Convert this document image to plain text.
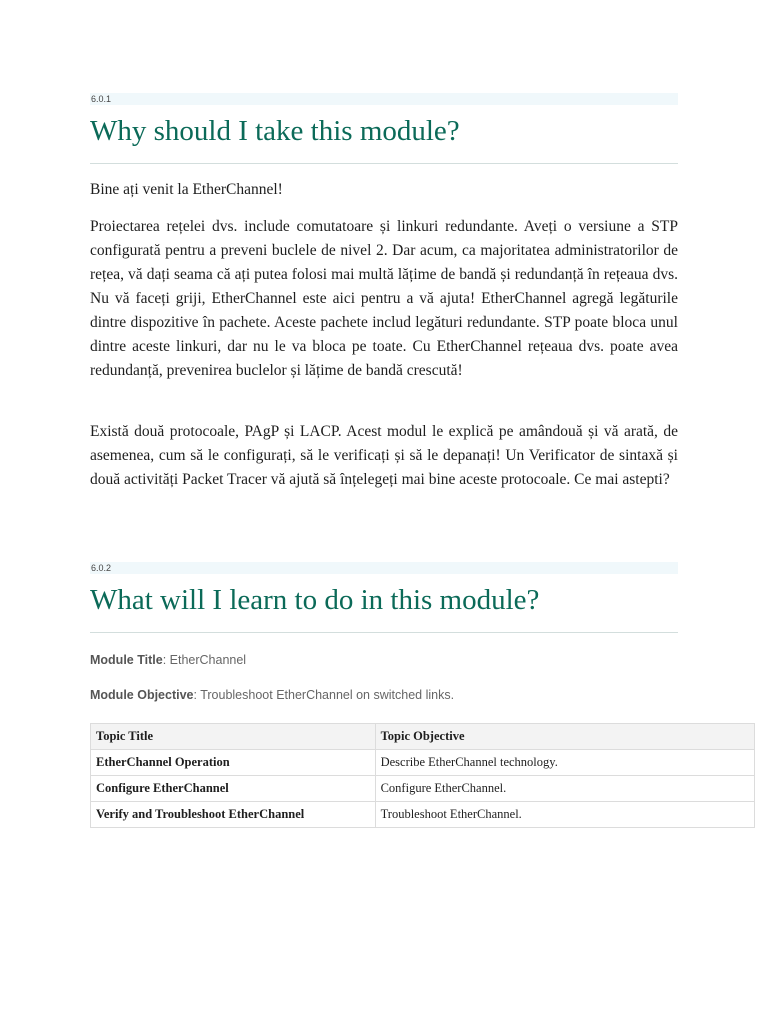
6.0.1
Why should I take this module?

Bine ați venit la EtherChannel!

Proiectarea rețelei dvs. include comutatoare și linkuri redundante. Aveți o versiune a STP configurată pentru a preveni buclele de nivel 2. Dar acum, ca majoritatea administratorilor de rețea, vă dați seama că ați putea folosi mai multă lățime de bandă și redundanță în rețeaua dvs. Nu vă faceți griji, EtherChannel este aici pentru a vă ajuta! EtherChannel agregă legăturile dintre dispozitive în pachete. Aceste pachete includ legături redundante. STP poate bloca unul dintre aceste linkuri, dar nu le va bloca pe toate. Cu EtherChannel rețeaua dvs. poate avea redundanță, prevenirea buclelor și lățime de bandă crescută!

Există două protocoale, PAgP și LACP. Acest modul le explică pe amândouă și vă arată, de asemenea, cum să le configurați, să le verificați și să le depanați! Un Verificator de sintaxă și două activități Packet Tracer vă ajută să înțelegeți mai bine aceste protocoale. Ce mai astepti?

6.0.2
What will I learn to do in this module?
Module Title: EtherChannel
Module Objective: Troubleshoot EtherChannel on switched links.
Topic Title	Topic Objective
EtherChannel Operation	Describe EtherChannel technology.
Configure EtherChannel	Configure EtherChannel.
Verify and Troubleshoot EtherChannel	Troubleshoot EtherChannel.
